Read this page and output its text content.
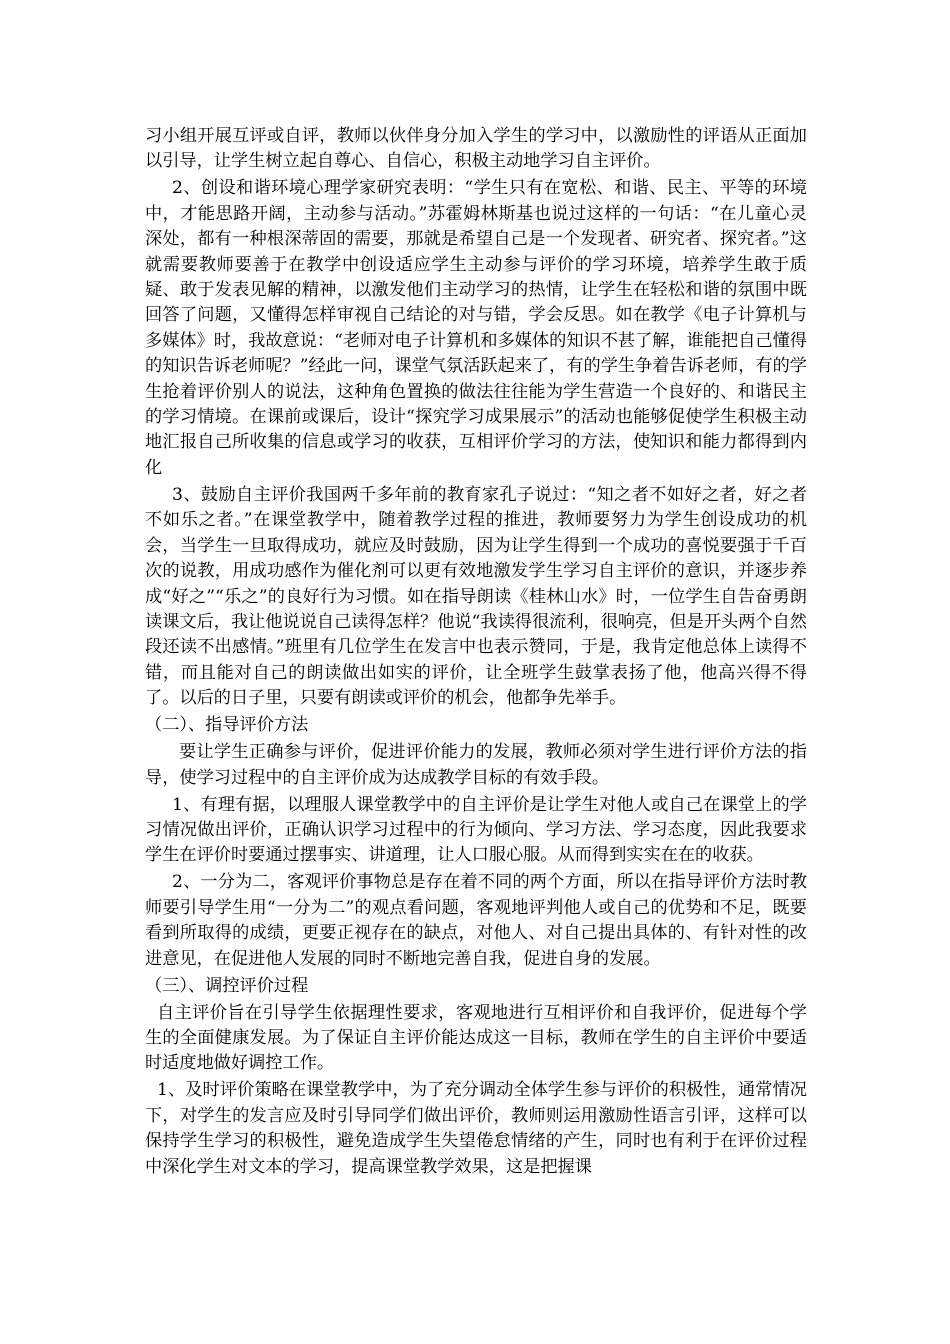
习小组开展互评或自评，教师以伙伴身分加入学生的学习中，以激励性的评语从正面加以引导，让学生树立起自尊心、自信心，积极主动地学习自主评价。

2、创设和谐环境心理学家研究表明：“学生只有在宽松、和谐、民主、平等的环境中，才能思路开阔，主动参与活动。”苏霍姆林斯基也说过这样的一句话：“在儿童心灵深处，都有一种根深蒂固的需要，那就是希望自己是一个发现者、研究者、探究者。”这就需要教师要善于在教学中创设适应学生主动参与评价的学习环境，培养学生敢于质疑、敢于发表见解的精神，以激发他们主动学习的热情，让学生在轻松和谐的氛围中既回答了问题，又懂得怎样审视自己结论的对与错，学会反思。如在教学《电子计算机与多媒体》时，我故意说：“老师对电子计算机和多媒体的知识不甚了解，谁能把自己懂得的知识告诉老师呢？”经此一问，课堂气氛活跃起来了，有的学生争着告诉老师，有的学生抢着评价别人的说法，这种角色置换的做法往往能为学生营造一个良好的、和谐民主的学习情境。在课前或课后，设计“探究学习成果展示”的活动也能够促使学生积极主动地汇报自己所收集的信息或学习的收获，互相评价学习的方法，使知识和能力都得到内化

3、鼓励自主评价我国两千多年前的教育家孔子说过：“知之者不如好之者，好之者不如乐之者。”在课堂教学中，随着教学过程的推进，教师要努力为学生创设成功的机会，当学生一旦取得成功，就应及时鼓励，因为让学生得到一个成功的喜悦要强于千百次的说教，用成功感作为催化剂可以更有效地激发学生学习自主评价的意识，并逐步养成“好之”“乐之”的良好行为习惯。如在指导朗读《桂林山水》时，一位学生自告奋勇朗读课文后，我让他说说自己读得怎样？他说“我读得很流利，很响亮，但是开头两个自然段还读不出感情。”班里有几位学生在发言中也表示赞同，于是，我肯定他总体上读得不错，而且能对自己的朗读做出如实的评价，让全班学生鼓掌表扬了他，他高兴得不得了。以后的日子里，只要有朗读或评价的机会，他都争先举手。

（二）、指导评价方法

要让学生正确参与评价，促进评价能力的发展，教师必须对学生进行评价方法的指导，使学习过程中的自主评价成为达成教学目标的有效手段。

1、有理有据，以理服人课堂教学中的自主评价是让学生对他人或自己在课堂上的学习情况做出评价，正确认识学习过程中的行为倾向、学习方法、学习态度，因此我要求学生在评价时要通过摆事实、讲道理，让人口服心服。从而得到实实在在的收获。

2、一分为二，客观评价事物总是存在着不同的两个方面，所以在指导评价方法时教师要引导学生用“一分为二”的观点看问题，客观地评判他人或自己的优势和不足，既要看到所取得的成绩，更要正视存在的缺点，对他人、对自己提出具体的、有针对性的改进意见，在促进他人发展的同时不断地完善自我，促进自身的发展。

（三）、调控评价过程

自主评价旨在引导学生依据理性要求，客观地进行互相评价和自我评价，促进每个学生的全面健康发展。为了保证自主评价能达成这一目标，教师在学生的自主评价中要适时适度地做好调控工作。

1、及时评价策略在课堂教学中，为了充分调动全体学生参与评价的积极性，通常情况下，对学生的发言应及时引导同学们做出评价，教师则运用激励性语言引评，这样可以保持学生学习的积极性，避免造成学生失望倦怠情绪的产生，同时也有利于在评价过程中深化学生对文本的学习，提高课堂教学效果，这是把握课
